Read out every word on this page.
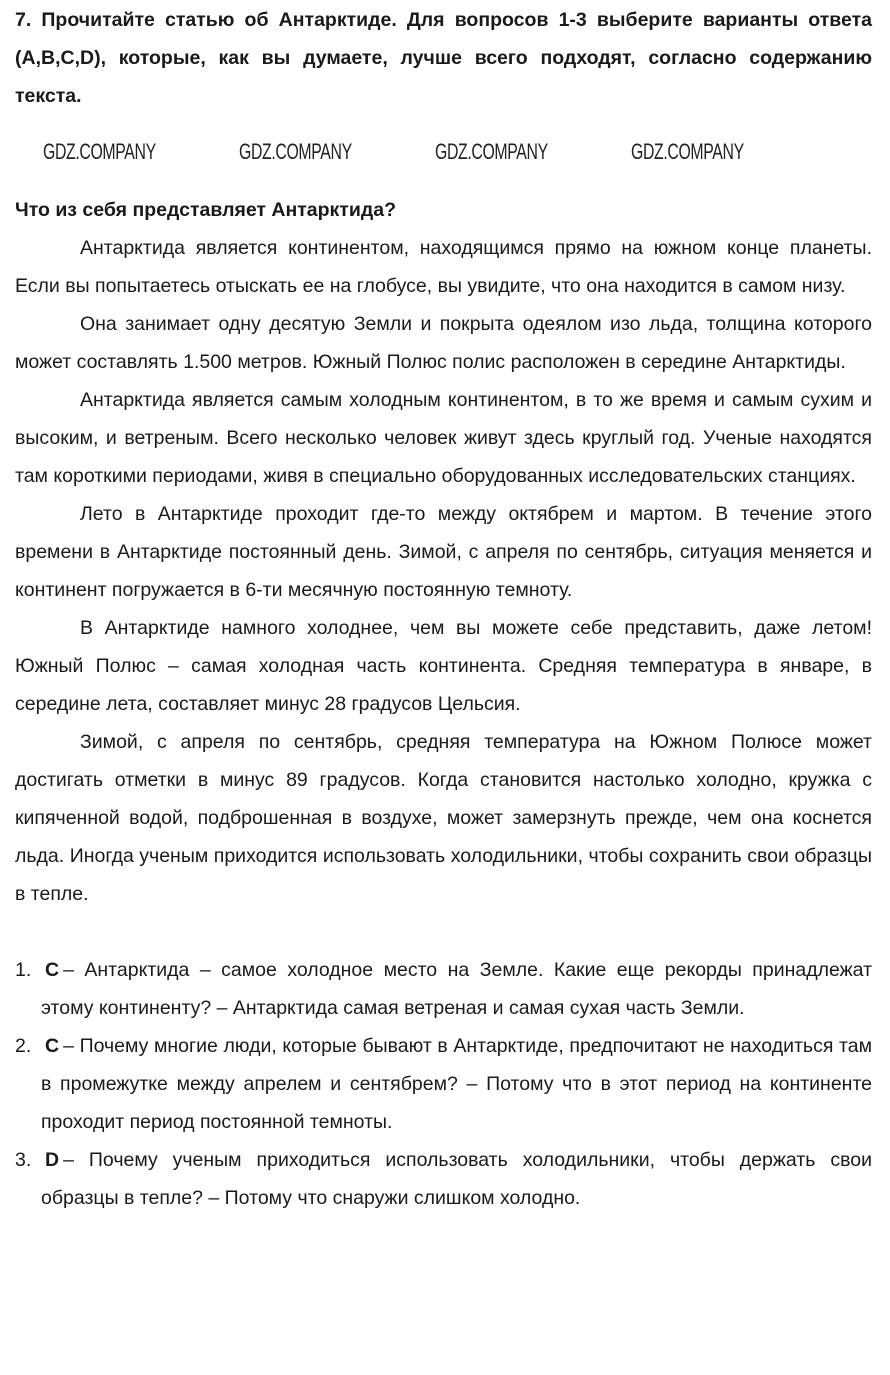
7. Прочитайте статью об Антарктиде. Для вопросов 1-3 выберите варианты ответа (A,B,C,D), которые, как вы думаете, лучше всего подходят, согласно содержанию текста.

Что из себя представляет Антарктида?

Антарктида является континентом, находящимся прямо на южном конце планеты. Если вы попытаетесь отыскать ее на глобусе, вы увидите, что она находится в самом низу.

Она занимает одну десятую Земли и покрыта одеялом изо льда, толщина которого может составлять 1.500 метров. Южный Полюс полис расположен в середине Антарктиды.

Антарктида является самым холодным континентом, в то же время и самым сухим и высоким, и ветреным. Всего несколько человек живут здесь круглый год. Ученые находятся там короткими периодами, живя в специально оборудованных исследовательских станциях.

Лето в Антарктиде проходит где-то между октябрем и мартом. В течение этого времени в Антарктиде постоянный день. Зимой, с апреля по сентябрь, ситуация меняется и континент погружается в 6-ти месячную постоянную темноту.

В Антарктиде намного холоднее, чем вы можете себе представить, даже летом! Южный Полюс – самая холодная часть континента. Средняя температура в январе, в середине лета, составляет минус 28 градусов Цельсия.

Зимой, с апреля по сентябрь, средняя температура на Южном Полюсе может достигать отметки в минус 89 градусов. Когда становится настолько холодно, кружка с кипяченной водой, подброшенная в воздухе, может замерзнуть прежде, чем она коснется льда. Иногда ученым приходится использовать холодильники, чтобы сохранить свои образцы в тепле.

1. C – Антарктида – самое холодное место на Земле. Какие еще рекорды принадлежат этому континенту? – Антарктида самая ветреная и самая сухая часть Земли.

2. C – Почему многие люди, которые бывают в Антарктиде, предпочитают не находиться там в промежутке между апрелем и сентябрем? – Потому что в этот период на континенте проходит период постоянной темноты.

3. D – Почему ученым приходиться использовать холодильники, чтобы держать свои образцы в тепле? – Потому что снаружи слишком холодно.

GDZ.COMPANY	GDZ.COMPANY	GDZ.COMPANY	GDZ.COMPANY
